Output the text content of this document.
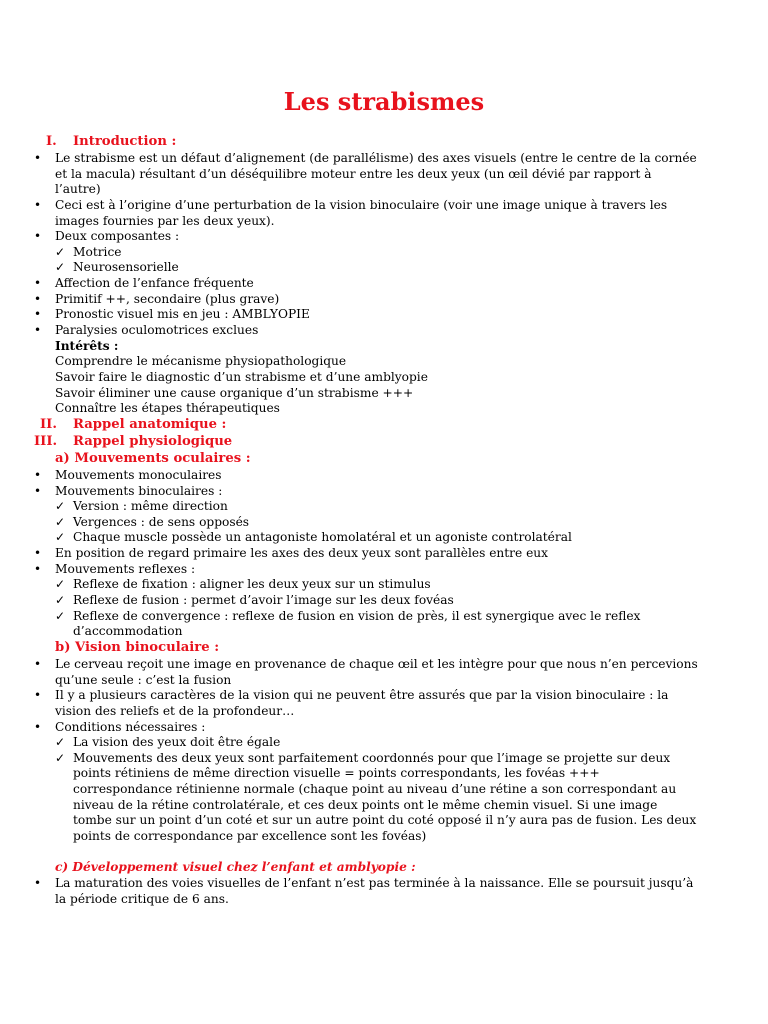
Les strabismes
I. Introduction :
• Le strabisme est un défaut d’alignement (de parallélisme) des axes visuels (entre le centre de la cornée
et la macula) résultant d’un déséquilibre moteur entre les deux yeux (un œil dévié par rapport à
l’autre)
• Ceci est à l’origine d’une perturbation de la vision binoculaire (voir une image unique à travers les
images fournies par les deux yeux).
• Deux composantes :
✓ Motrice
✓ Neurosensorielle
• Affection de l’enfance fréquente
• Primitif ++, secondaire (plus grave)
• Pronostic visuel mis en jeu : AMBLYOPIE
• Paralysies oculomotrices exclues
Intérêts :
Comprendre le mécanisme physiopathologique
Savoir faire le diagnostic d’un strabisme et d’une amblyopie
Savoir éliminer une cause organique d’un strabisme +++
Connaître les étapes thérapeutiques
II. Rappel anatomique :
III. Rappel physiologique
a) Mouvements oculaires :
• Mouvements monoculaires
• Mouvements binoculaires :
✓ Version : même direction
✓ Vergences : de sens opposés
✓ Chaque muscle possède un antagoniste homolatéral et un agoniste controlatéral
• En position de regard primaire les axes des deux yeux sont parallèles entre eux
• Mouvements reflexes :
✓ Reflexe de fixation : aligner les deux yeux sur un stimulus
✓ Reflexe de fusion : permet d’avoir l’image sur les deux fovéas
✓ Reflexe de convergence : reflexe de fusion en vision de près, il est synergique avec le reflex
d’accommodation
b) Vision binoculaire :
• Le cerveau reçoit une image en provenance de chaque œil et les intègre pour que nous n’en percevions
qu’une seule : c’est la fusion
• Il y a plusieurs caractères de la vision qui ne peuvent être assurés que par la vision binoculaire : la
vision des reliefs et de la profondeur…
• Conditions nécessaires :
✓ La vision des yeux doit être égale
✓ Mouvements des deux yeux sont parfaitement coordonnés pour que l’image se projette sur deux
points rétiniens de même direction visuelle = points correspondants, les fovéas +++
correspondance rétinienne normale (chaque point au niveau d’une rétine a son correspondant au
niveau de la rétine controlatérale, et ces deux points ont le même chemin visuel. Si une image
tombe sur un point d’un coté et sur un autre point du coté opposé il n’y aura pas de fusion. Les deux
points de correspondance par excellence sont les fovéas)
c) Développement visuel chez l’enfant et amblyopie :
• La maturation des voies visuelles de l’enfant n’est pas terminée à la naissance. Elle se poursuit jusqu’à
la période critique de 6 ans.
